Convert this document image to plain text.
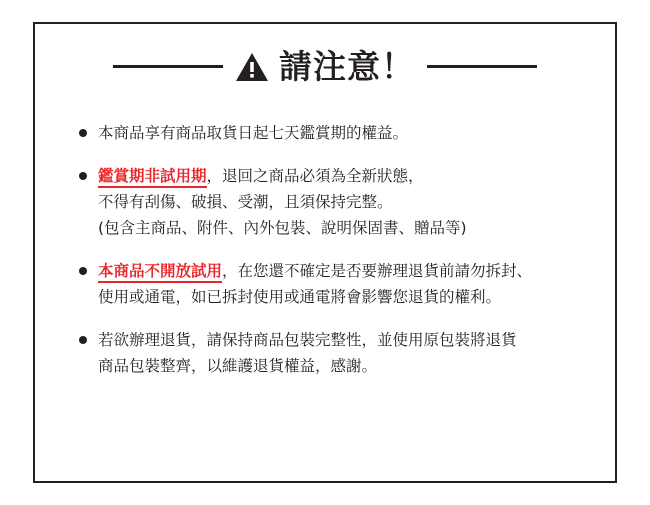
請注意！
本商品享有商品取貨日起七天鑑賞期的權益。
鑑賞期非試用期，退回之商品必須為全新狀態，
不得有刮傷、破損、受潮，且須保持完整。
(包含主商品、附件、內外包裝、說明保固書、贈品等)
本商品不開放試用，在您還不確定是否要辦理退貨前請勿拆封、
使用或通電，如已拆封使用或通電將會影響您退貨的權利。
若欲辦理退貨，請保持商品包裝完整性，並使用原包裝將退貨
商品包裝整齊，以維護退貨權益，感謝。
